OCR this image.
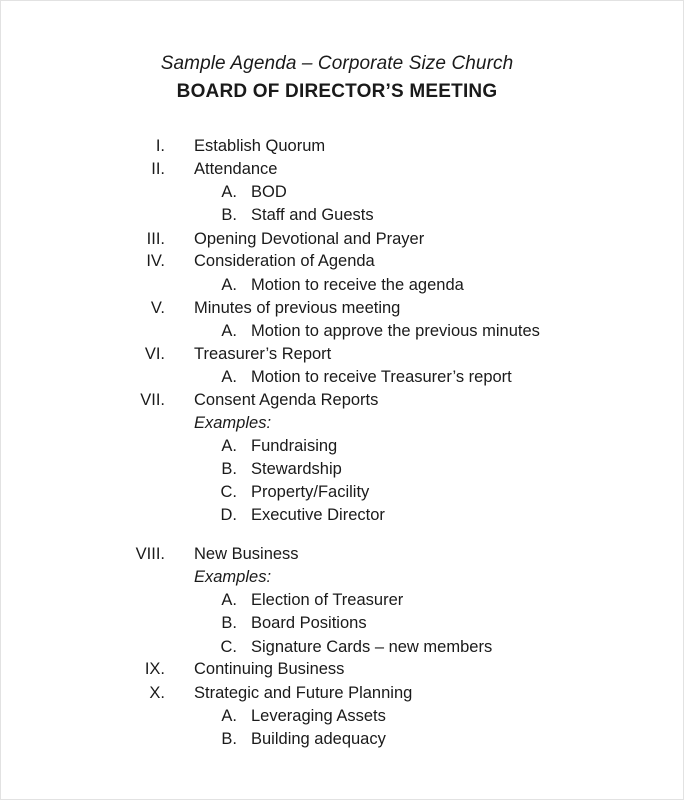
Sample Agenda – Corporate Size Church
BOARD OF DIRECTOR’S MEETING
I. Establish Quorum
II. Attendance
A. BOD
B. Staff and Guests
III. Opening Devotional and Prayer
IV. Consideration of Agenda
A. Motion to receive the agenda
V. Minutes of previous meeting
A. Motion to approve the previous minutes
VI. Treasurer’s Report
A. Motion to receive Treasurer’s report
VII. Consent Agenda Reports
Examples:
A. Fundraising
B. Stewardship
C. Property/Facility
D. Executive Director
VIII. New Business
Examples:
A. Election of Treasurer
B. Board Positions
C. Signature Cards – new members
IX. Continuing Business
X. Strategic and Future Planning
A. Leveraging Assets
B. Building adequacy
